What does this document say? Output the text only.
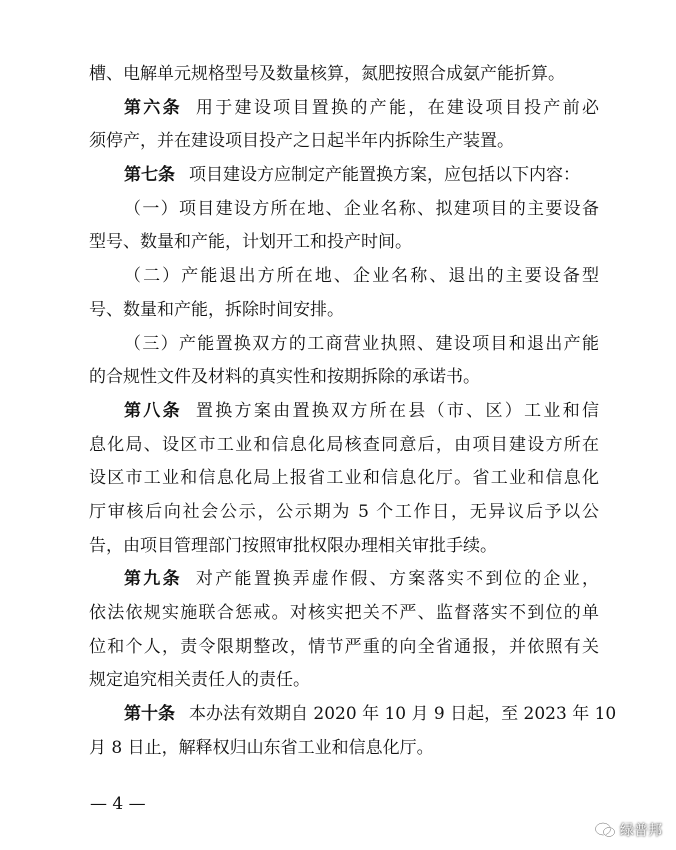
槽、电解单元规格型号及数量核算，氮肥按照合成氨产能折算。
第六条 用于建设项目置换的产能，在建设项目投产前必
须停产，并在建设项目投产之日起半年内拆除生产装置。
第七条 项目建设方应制定产能置换方案，应包括以下内容：
（一）项目建设方所在地、企业名称、拟建项目的主要设备
型号、数量和产能，计划开工和投产时间。
（二）产能退出方所在地、企业名称、退出的主要设备型
号、数量和产能，拆除时间安排。
（三）产能置换双方的工商营业执照、建设项目和退出产能
的合规性文件及材料的真实性和按期拆除的承诺书。
第八条 置换方案由置换双方所在县（市、区）工业和信
息化局、设区市工业和信息化局核查同意后，由项目建设方所在
设区市工业和信息化局上报省工业和信息化厅。省工业和信息化
厅审核后向社会公示，公示期为 5 个工作日，无异议后予以公
告，由项目管理部门按照审批权限办理相关审批手续。
第九条 对产能置换弄虚作假、方案落实不到位的企业，
依法依规实施联合惩戒。对核实把关不严、监督落实不到位的单
位和个人，责令限期整改，情节严重的向全省通报，并依照有关
规定追究相关责任人的责任。
第十条 本办法有效期自 2020 年 10 月 9 日起，至 2023 年 10
月 8 日止，解释权归山东省工业和信息化厅。
— 4 —
绿普邦
